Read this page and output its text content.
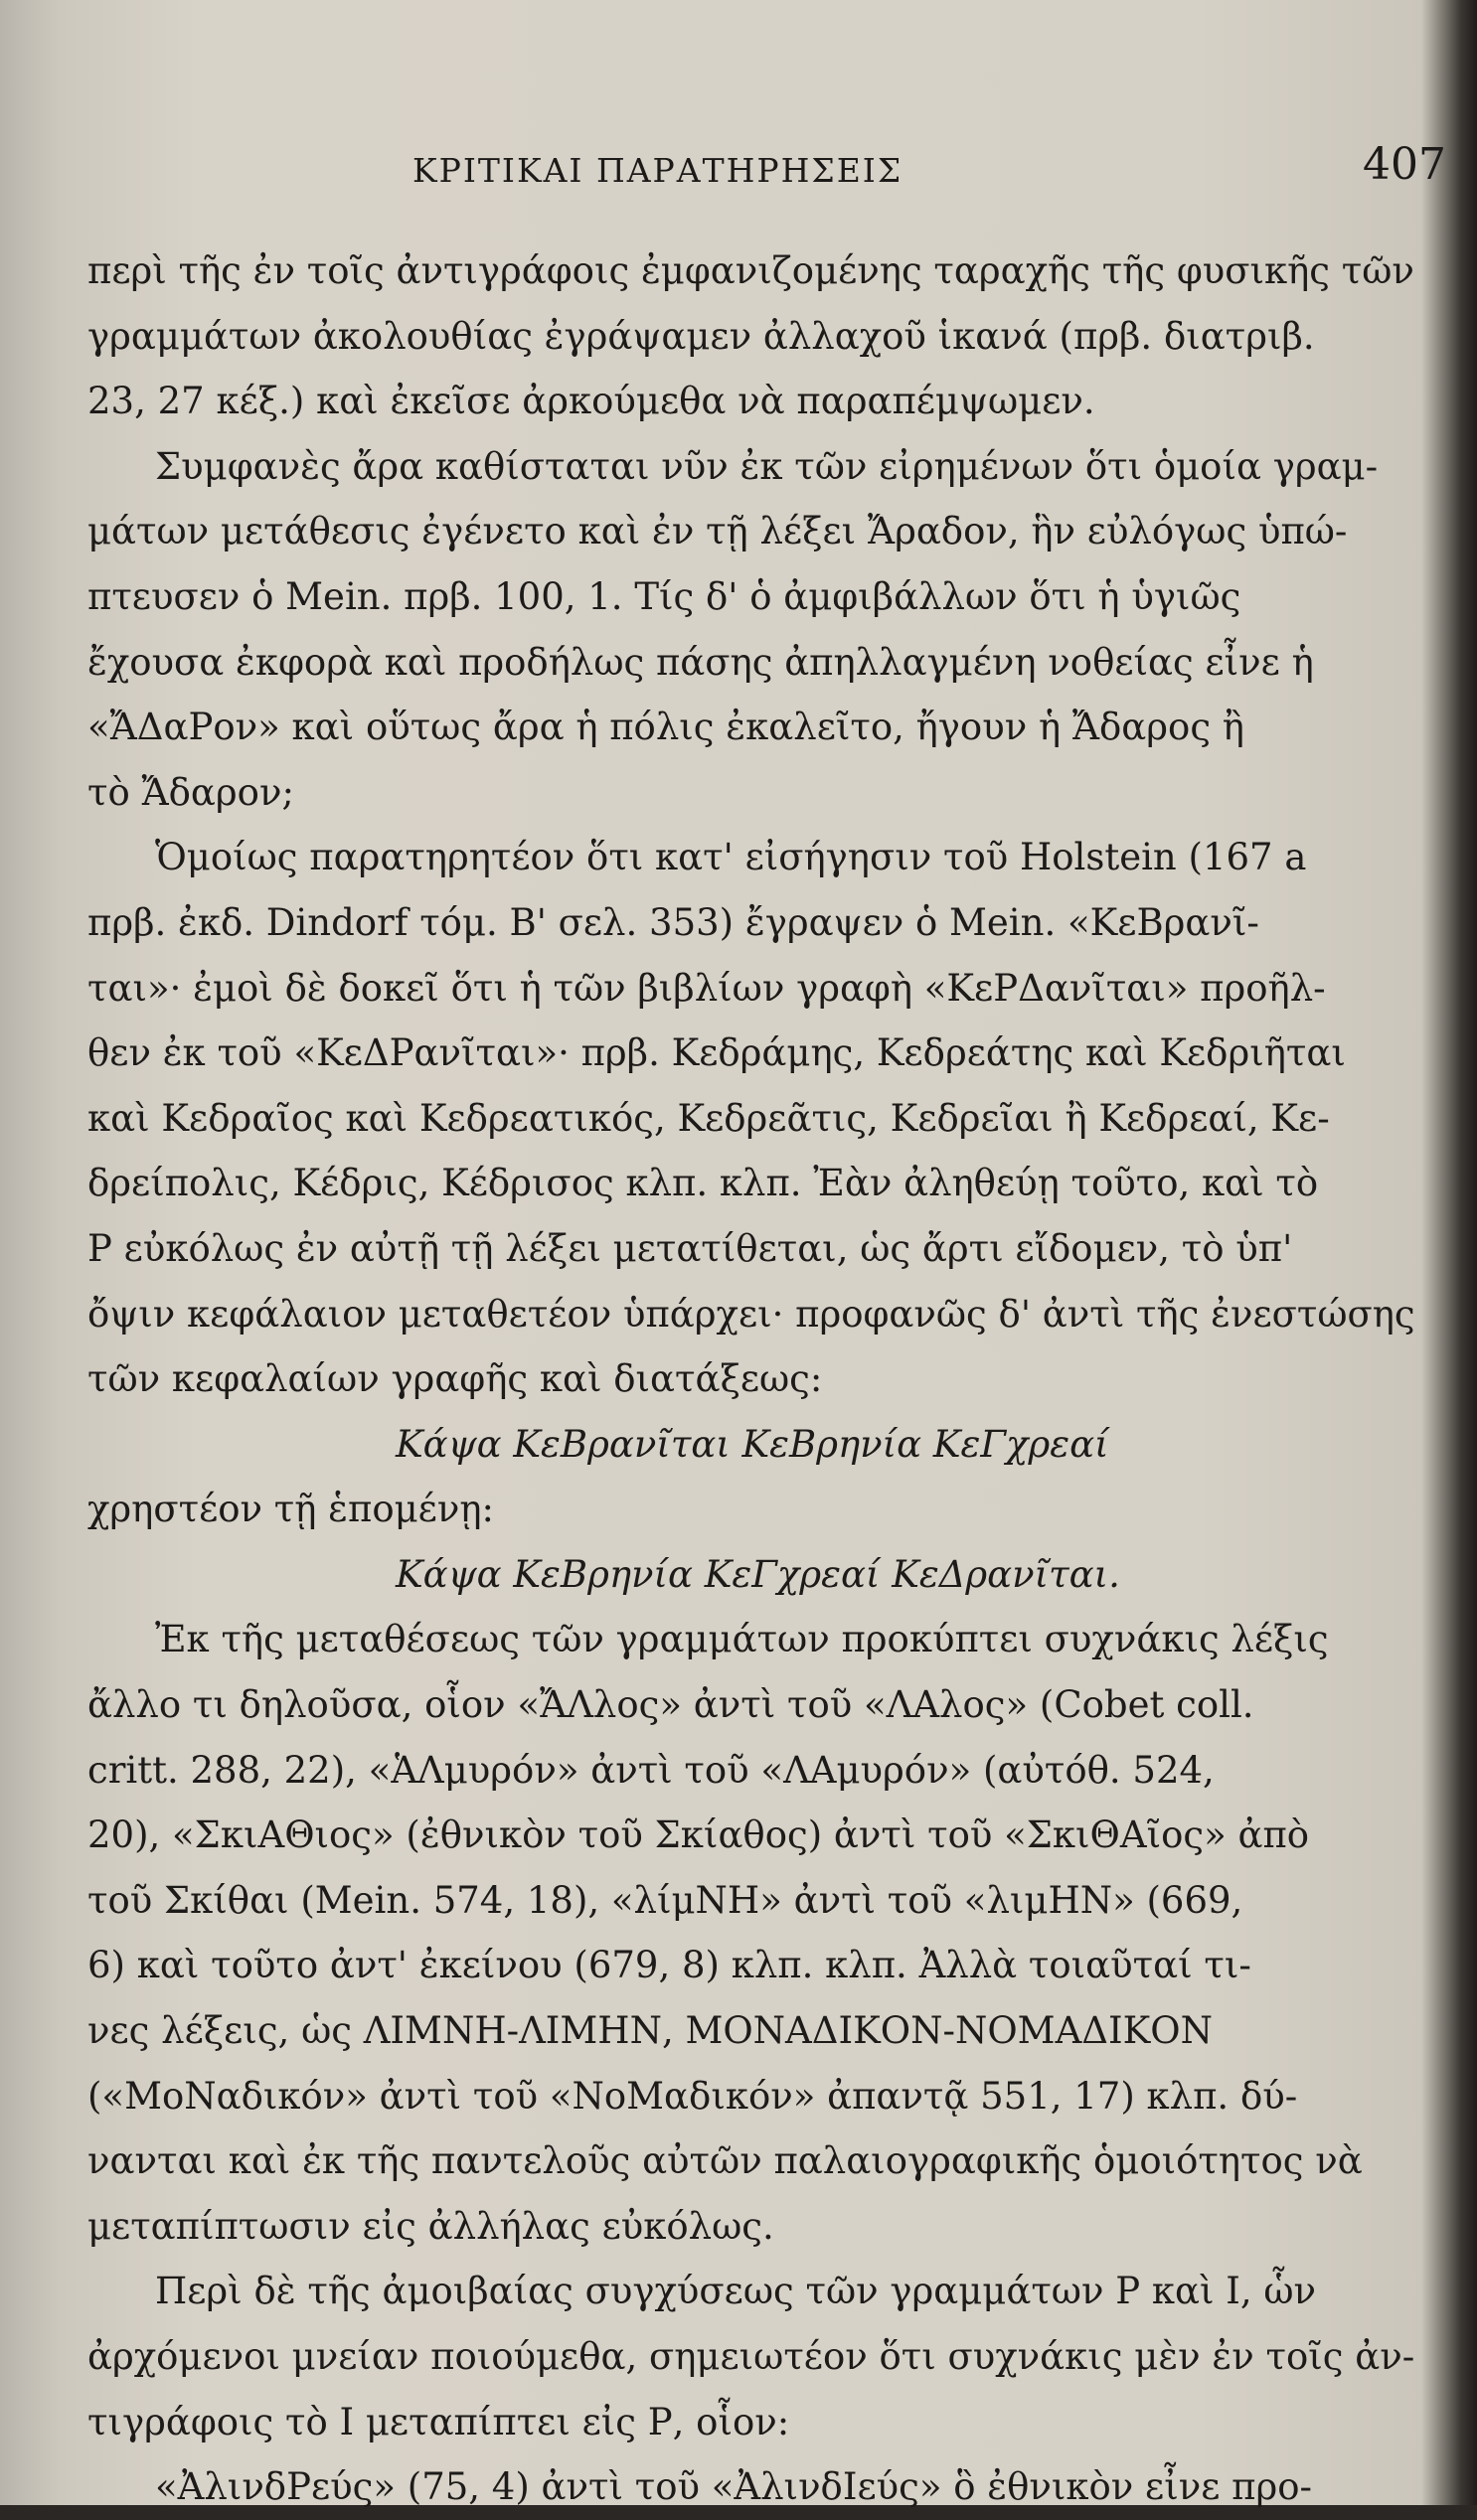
ΚΡΙΤΙΚΑΙ ΠΑΡΑΤΗΡΗΣΕΙΣ	407
περὶ τῆς ἐν τοῖς ἀντιγράφοις ἐμφανιζομένης ταραχῆς τῆς φυσικῆς τῶν
γραμμάτων ἀκολουθίας ἐγράψαμεν ἀλλαχοῦ ἱκανά (πρβ. διατριβ.
23, 27 κέξ.) καὶ ἐκεῖσε ἀρκούμεθα νὰ παραπέμψωμεν.
Συμφανὲς ἄρα καθίσταται νῦν ἐκ τῶν εἰρημένων ὅτι ὁμοία γραμ-
μάτων μετάθεσις ἐγένετο καὶ ἐν τῇ λέξει Ἄραδον, ἣν εὐλόγως ὑπώ-
πτευσεν ὁ Mein. πρβ. 100, 1. Τίς δ' ὁ ἀμφιβάλλων ὅτι ἡ ὑγιῶς
ἔχουσα ἐκφορὰ καὶ προδήλως πάσης ἀπηλλαγμένη νοθείας εἶνε ἡ
«ἌΔαΡον» καὶ οὕτως ἄρα ἡ πόλις ἐκαλεῖτο, ἤγουν ἡ Ἄδαρος ἢ
τὸ Ἄδαρον;
Ὁμοίως παρατηρητέον ὅτι κατ' εἰσήγησιν τοῦ Holstein (167 a
πρβ. ἐκδ. Dindorf τόμ. Β' σελ. 353) ἔγραψεν ὁ Mein. «ΚεΒρανῖ-
ται»· ἐμοὶ δὲ δοκεῖ ὅτι ἡ τῶν βιβλίων γραφὴ «ΚεΡΔανῖται» προῆλ-
θεν ἐκ τοῦ «ΚεΔΡανῖται»· πρβ. Κεδράμης, Κεδρεάτης καὶ Κεδριῆται
καὶ Κεδραῖος καὶ Κεδρεατικός, Κεδρεᾶτις, Κεδρεῖαι ἢ Κεδρεαί, Κε-
δρείπολις, Κέδρις, Κέδρισος κλπ. κλπ. Ἐὰν ἀληθεύῃ τοῦτο, καὶ τὸ
Ρ εὐκόλως ἐν αὐτῇ τῇ λέξει μετατίθεται, ὡς ἄρτι εἴδομεν, τὸ ὑπ'
ὄψιν κεφάλαιον μεταθετέον ὑπάρχει· προφανῶς δ' ἀντὶ τῆς ἐνεστώσης
τῶν κεφαλαίων γραφῆς καὶ διατάξεως:
Κάψα ΚεΒρανῖται ΚεΒρηνία ΚεΓχρεαί
χρηστέον τῇ ἑπομένῃ:
Κάψα ΚεΒρηνία ΚεΓχρεαί ΚεΔρανῖται.
Ἐκ τῆς μεταθέσεως τῶν γραμμάτων προκύπτει συχνάκις λέξις
ἄλλο τι δηλοῦσα, οἷον «ἌΛλος» ἀντὶ τοῦ «ΛΑλος» (Cobet coll.
critt. 288, 22), «ἉΛμυρόν» ἀντὶ τοῦ «ΛΑμυρόν» (αὐτόθ. 524,
20), «ΣκιΑΘιος» (ἐθνικὸν τοῦ Σκίαθος) ἀντὶ τοῦ «ΣκιΘΑῖος» ἀπὸ
τοῦ Σκίθαι (Mein. 574, 18), «λίμΝΗ» ἀντὶ τοῦ «λιμΗΝ» (669,
6) καὶ τοῦτο ἀντ' ἐκείνου (679, 8) κλπ. κλπ. Ἀλλὰ τοιαῦταί τι-
νες λέξεις, ὡς ΛΙΜΝΗ-ΛΙΜΗΝ, ΜΟΝΑΔΙΚΟΝ-ΝΟΜΑΔΙΚΟΝ
(«ΜοΝαδικόν» ἀντὶ τοῦ «ΝοΜαδικόν» ἀπαντᾷ 551, 17) κλπ. δύ-
νανται καὶ ἐκ τῆς παντελοῦς αὐτῶν παλαιογραφικῆς ὁμοιότητος νὰ
μεταπίπτωσιν εἰς ἀλλήλας εὐκόλως.
Περὶ δὲ τῆς ἀμοιβαίας συγχύσεως τῶν γραμμάτων Ρ καὶ Ι, ὧν
ἀρχόμενοι μνείαν ποιούμεθα, σημειωτέον ὅτι συχνάκις μὲν ἐν τοῖς ἀν-
τιγράφοις τὸ Ι μεταπίπτει εἰς Ρ, οἷον:
«ἈλινδΡεύς» (75, 4) ἀντὶ τοῦ «ἈλινδΙεύς» ὃ ἐθνικὸν εἶνε προ-
